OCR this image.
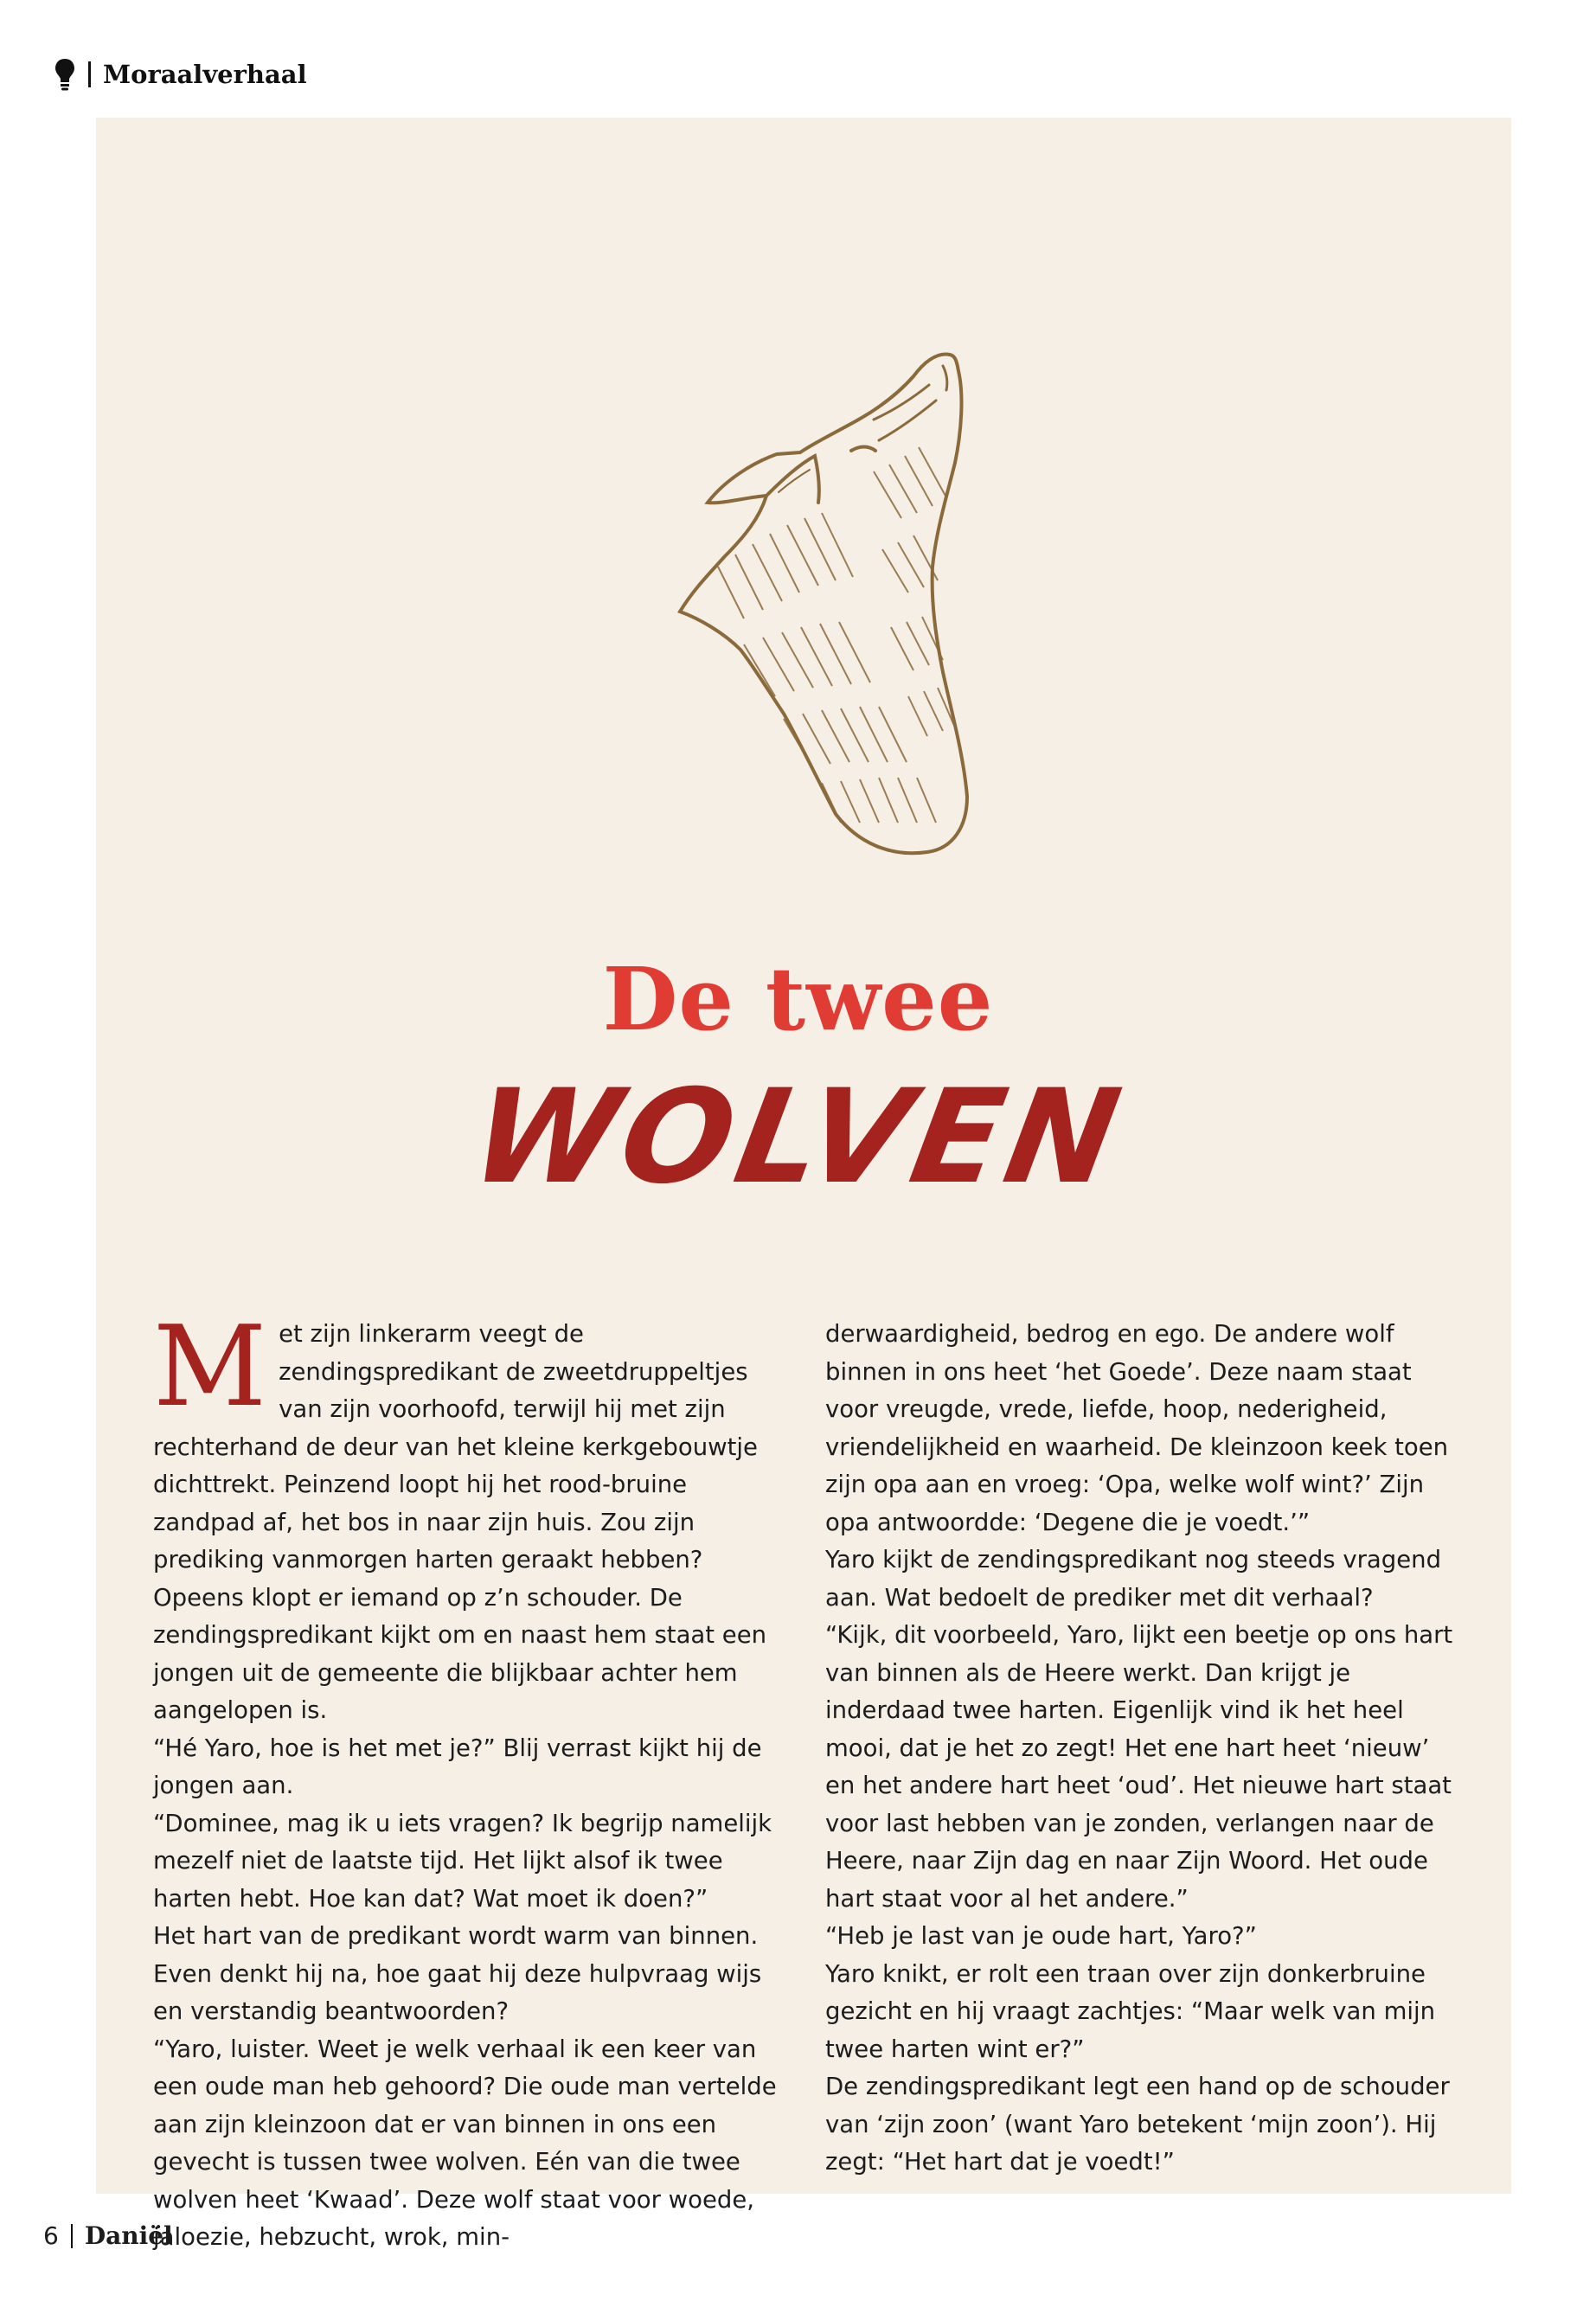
Moraalverhaal
De twee
WOLVEN
M et zijn linkerarm veegt de zendingspredikant de zweetdruppeltjes van zijn voorhoofd, terwijl hij met zijn rechterhand de deur van het kleine kerkgebouwtje dichttrekt. Peinzend loopt hij het rood-bruine zandpad af, het bos in naar zijn huis. Zou zijn prediking vanmorgen harten geraakt hebben?

Opeens klopt er iemand op z’n schouder. De zendingspredikant kijkt om en naast hem staat een jongen uit de gemeente die blijkbaar achter hem aangelopen is.

“Hé Yaro, hoe is het met je?” Blij verrast kijkt hij de jongen aan.

“Dominee, mag ik u iets vragen? Ik begrijp namelijk mezelf niet de laatste tijd. Het lijkt alsof ik twee harten hebt. Hoe kan dat? Wat moet ik doen?”

Het hart van de predikant wordt warm van binnen. Even denkt hij na, hoe gaat hij deze hulpvraag wijs en verstandig beantwoorden?

“Yaro, luister. Weet je welk verhaal ik een keer van een oude man heb gehoord? Die oude man vertelde aan zijn kleinzoon dat er van binnen in ons een gevecht is tussen twee wolven. Eén van die twee wolven heet ‘Kwaad’. Deze wolf staat voor woede, jaloezie, hebzucht, wrok, min-

derwaardigheid, bedrog en ego. De andere wolf binnen in ons heet ‘het Goede’. Deze naam staat voor vreugde, vrede, liefde, hoop, nederigheid, vriendelijkheid en waarheid. De kleinzoon keek toen zijn opa aan en vroeg: ‘Opa, welke wolf wint?’ Zijn opa antwoordde: ‘Degene die je voedt.’”

Yaro kijkt de zendingspredikant nog steeds vragend aan. Wat bedoelt de prediker met dit verhaal?

“Kijk, dit voorbeeld, Yaro, lijkt een beetje op ons hart van binnen als de Heere werkt. Dan krijgt je inderdaad twee harten. Eigenlijk vind ik het heel mooi, dat je het zo zegt! Het ene hart heet ‘nieuw’ en het andere hart heet ‘oud’. Het nieuwe hart staat voor last hebben van je zonden, verlangen naar de Heere, naar Zijn dag en naar Zijn Woord. Het oude hart staat voor al het andere.”

“Heb je last van je oude hart, Yaro?”

Yaro knikt, er rolt een traan over zijn donkerbruine gezicht en hij vraagt zachtjes: “Maar welk van mijn twee harten wint er?”

De zendingspredikant legt een hand op de schouder van ‘zijn zoon’ (want Yaro betekent ‘mijn zoon’). Hij zegt: “Het hart dat je voedt!”

6 Daniël
